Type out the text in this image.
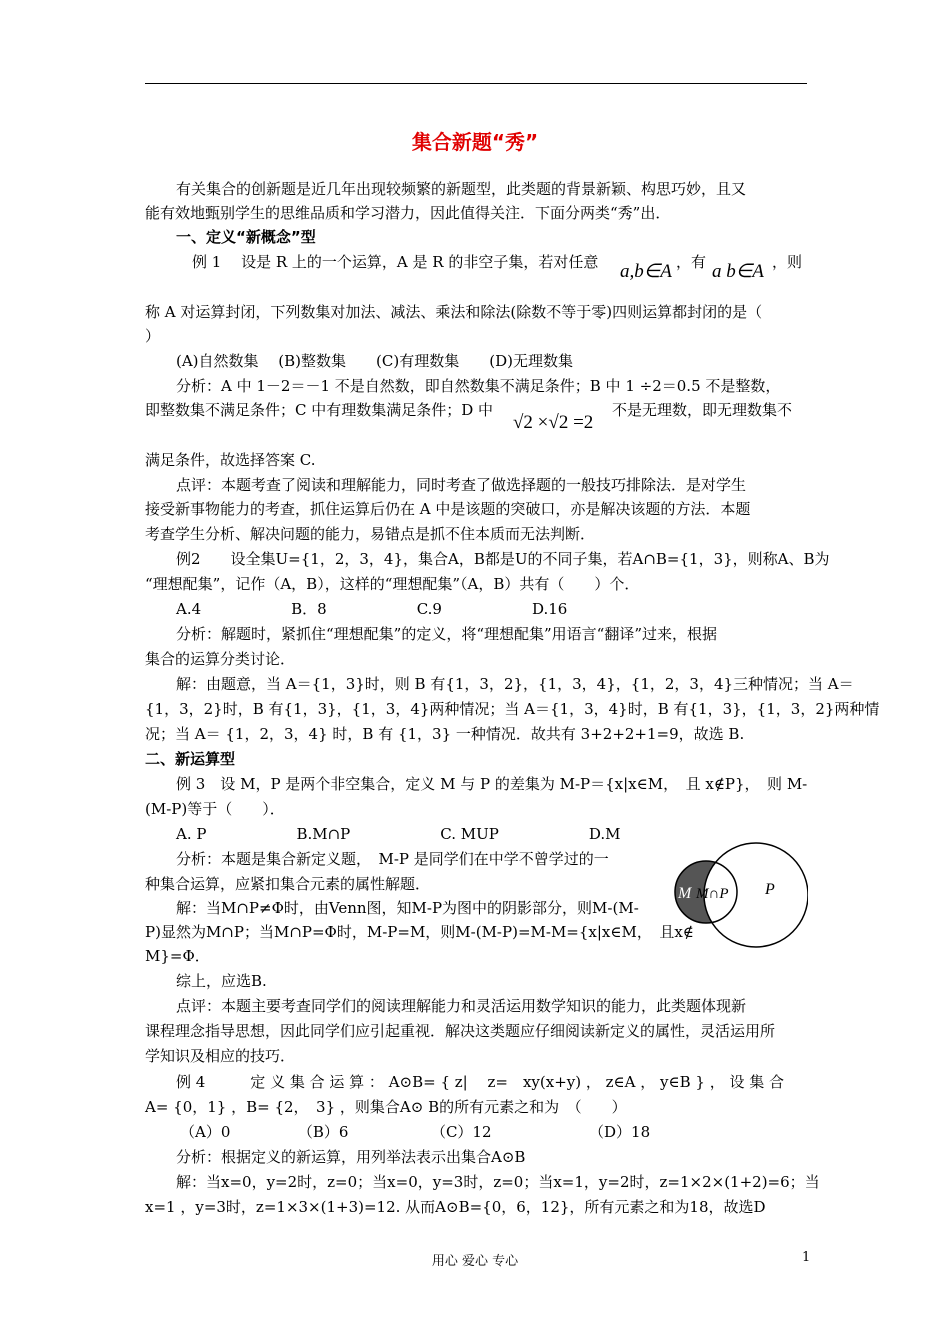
集合新题“秀”
有关集合的创新题是近几年出现较频繁的新题型，此类题的背景新颖、构思巧妙，且又
能有效地甄别学生的思维品质和学习潜力，因此值得关注．下面分两类“秀”出．
一、定义“新概念”型
例 1　 设是 R 上的一个运算，A 是 R 的非空子集，若对任意 a,b∈A ，有 a b∈A ，则
称 A 对运算封闭，下列数集对加法、减法、乘法和除法(除数不等于零)四则运算都封闭的是（
）
(A)自然数集　 (B)整数集　　(C)有理数集　　(D)无理数集
分析：A 中 1－2＝－1 不是自然数，即自然数集不满足条件；B 中 1 ÷2＝0.5 不是整数，
即整数集不满足条件；C 中有理数集满足条件；D 中
√2 ×√2 =2
不是无理数，即无理数集不
满足条件，故选择答案 C.
点评：本题考查了阅读和理解能力，同时考查了做选择题的一般技巧排除法．是对学生
接受新事物能力的考查，抓住运算后仍在 A 中是该题的突破口，亦是解决该题的方法．本题
考查学生分析、解决问题的能力，易错点是抓不住本质而无法判断．
例2　　设全集U={1，2，3，4}，集合A，B都是U的不同子集，若A∩B={1，3}，则称A、B为
“理想配集”，记作（A，B），这样的“理想配集”（A，B）共有（　　）个．
A.4　　　　　　B．8　　　　　　C.9　　　　　　D.16
分析：解题时，紧抓住“理想配集”的定义，将“理想配集”用语言“翻译”过来，根据
集合的运算分类讨论．
解：由题意，当 A＝{1，3}时，则 B 有{1，3，2}，{1，3，4}，{1，2，3，4}三种情况；当 A＝
{1，3，2}时，B 有{1，3}，{1，3，4}两种情况；当 A＝{1，3，4}时，B 有{1，3}，{1，3，2}两种情
况；当 A＝ {1，2，3，4} 时，B 有 {1，3} 一种情况．故共有 3+2+2+1=9，故选 B.
二、新运算型
例 3　设 M，P 是两个非空集合，定义 M 与 P 的差集为 M-P＝{x|x∈M，　且 x∉P}，　则 M-
(M-P)等于（　　）．
A. P　　　　　　B.M∩P　　　　　　C. MUP　　　　　　D.M
分析：本题是集合新定义题，　M-P 是同学们在中学不曾学过的一
种集合运算，应紧扣集合元素的属性解题．
解：当M∩P≠Φ时，由Venn图，知M-P为图中的阴影部分，则M-(M-
P)显然为M∩P；当M∩P=Φ时，M-P=M，则M-(M-P)=M-M={x|x∈M，　且x∉
M}=Φ．
综上，应选B.
点评：本题主要考查同学们的阅读理解能力和灵活运用数学知识的能力，此类题体现新
课程理念指导思想，因此同学们应引起重视．解决这类题应仔细阅读新定义的属性，灵活运用所
学知识及相应的技巧．
例 4　　　定 义 集 合 运 算 ： A⊙B= { z|　 z=　xy(x+y) ， z∈A ， y∈B } ， 设 集 合
A= {0，1} ，B= {2，　3} ，则集合A⊙ B的所有元素之和为　（　　）
（A）0　　　　　（B）6　　　　　　（C）12　　　　　　　（D）18
分析：根据定义的新运算，用列举法表示出集合A⊙B
解：当x=0，y=2时，z=0；当x=0，y=3时，z=0；当x=1，y=2时，z=1×2×(1+2)=6；当
x=1 ，y=3时，z=1×3×(1+3)=12. 从而A⊙B={0，6，12}，所有元素之和为18，故选D
M M∩P P
用心 爱心 专心	1
